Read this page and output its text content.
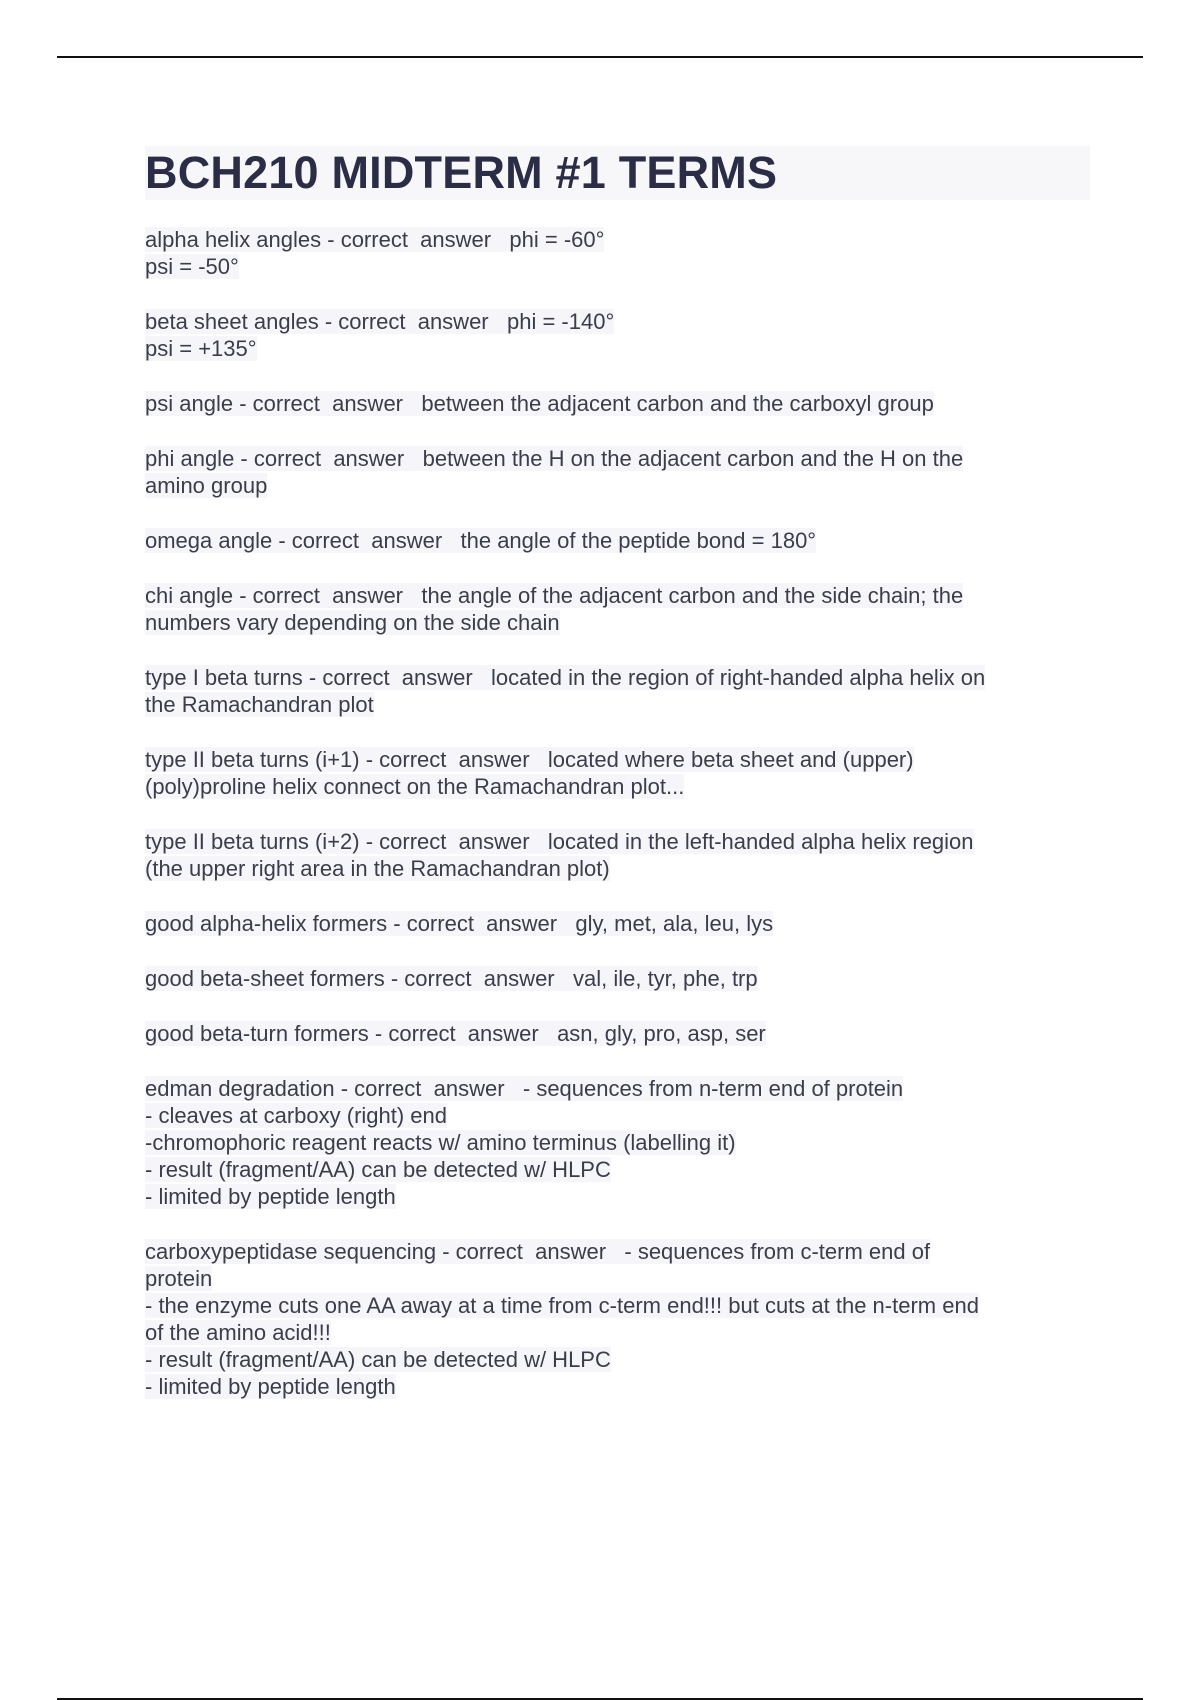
BCH210 MIDTERM #1 TERMS

alpha helix angles - correct  answer   phi = -60°
psi = -50°

beta sheet angles - correct  answer   phi = -140°
psi = +135°

psi angle - correct  answer   between the adjacent carbon and the carboxyl group

phi angle - correct  answer   between the H on the adjacent carbon and the H on the
amino group

omega angle - correct  answer   the angle of the peptide bond = 180°

chi angle - correct  answer   the angle of the adjacent carbon and the side chain; the
numbers vary depending on the side chain

type I beta turns - correct  answer   located in the region of right-handed alpha helix on
the Ramachandran plot

type II beta turns (i+1) - correct  answer   located where beta sheet and (upper)
(poly)proline helix connect on the Ramachandran plot...

type II beta turns (i+2) - correct  answer   located in the left-handed alpha helix region
(the upper right area in the Ramachandran plot)

good alpha-helix formers - correct  answer   gly, met, ala, leu, lys

good beta-sheet formers - correct  answer   val, ile, tyr, phe, trp

good beta-turn formers - correct  answer   asn, gly, pro, asp, ser

edman degradation - correct  answer   - sequences from n-term end of protein
- cleaves at carboxy (right) end
-chromophoric reagent reacts w/ amino terminus (labelling it)
- result (fragment/AA) can be detected w/ HLPC
- limited by peptide length

carboxypeptidase sequencing - correct  answer   - sequences from c-term end of
protein
- the enzyme cuts one AA away at a time from c-term end!!! but cuts at the n-term end
of the amino acid!!!
- result (fragment/AA) can be detected w/ HLPC
- limited by peptide length
